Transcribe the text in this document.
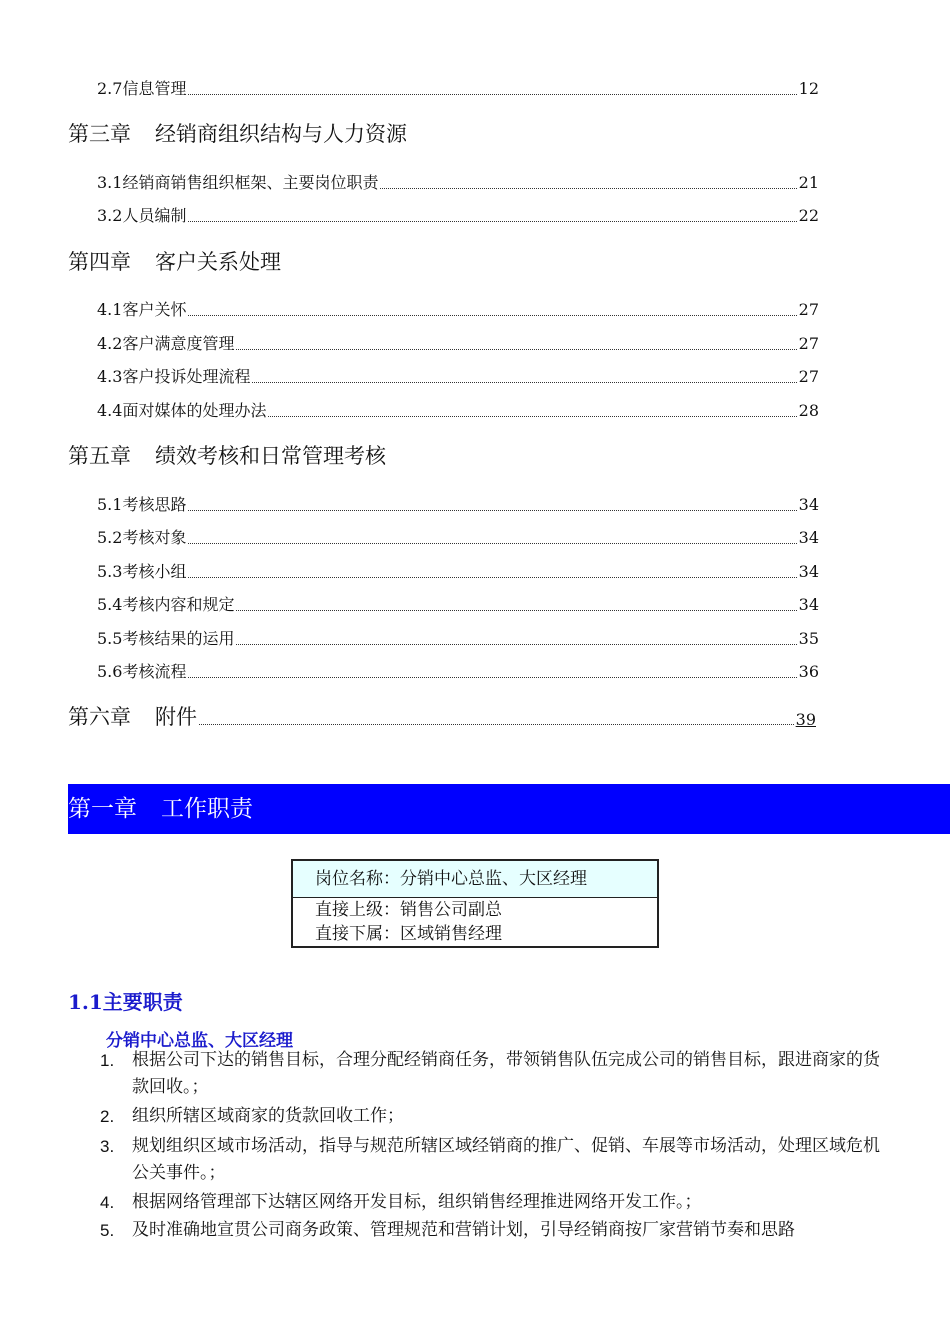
2.7信息管理	12
第三章 经销商组织结构与人力资源
3.1经销商销售组织框架、主要岗位职责	21
3.2人员编制	22
第四章 客户关系处理
4.1客户关怀	27
4.2客户满意度管理	27
4.3客户投诉处理流程	27
4.4面对媒体的处理办法	28
第五章 绩效考核和日常管理考核
5.1考核思路	34
5.2考核对象	34
5.3考核小组	34
5.4考核内容和规定	34
5.5考核结果的运用	35
5.6考核流程	36
第六章 附件	39
第一章 工作职责
岗位名称：分销中心总监、大区经理
直接上级：销售公司副总
直接下属：区域销售经理
1.1主要职责
分销中心总监、大区经理
1.	根据公司下达的销售目标，合理分配经销商任务，带领销售队伍完成公司的销售目标，跟进商家的货款回收。；
2.	组织所辖区域商家的货款回收工作；
3.	规划组织区域市场活动，指导与规范所辖区域经销商的推广、促销、车展等市场活动，处理区域危机公关事件。；
4.	根据网络管理部下达辖区网络开发目标，组织销售经理推进网络开发工作。；
5.	及时准确地宣贯公司商务政策、管理规范和营销计划，引导经销商按厂家营销节奏和思路
